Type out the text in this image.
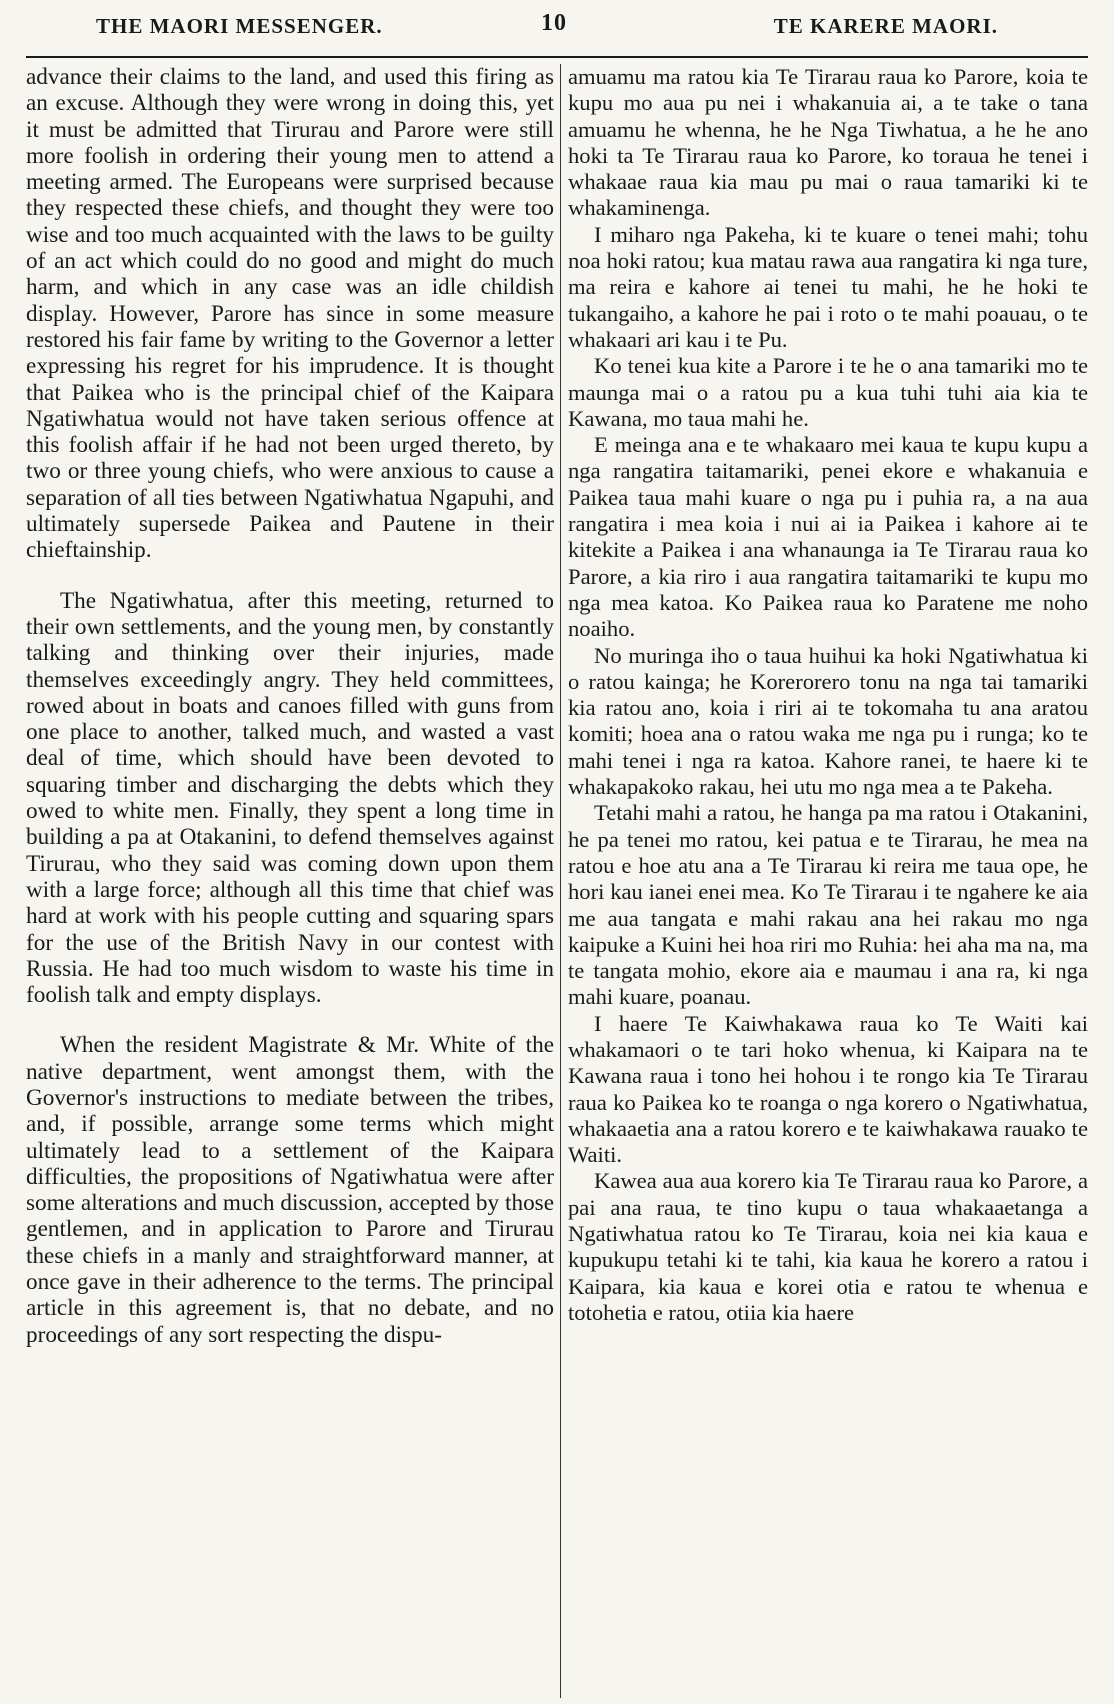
THE MAORI MESSENGER.	10	TE KARERE MAORI.

advance their claims to the land, and used this firing as an excuse. Although they were wrong in doing this, yet it must be admitted that Tirurau and Parore were still more foolish in ordering their young men to attend a meeting armed. The Europeans were surprised because they respected these chiefs, and thought they were too wise and too much acquainted with the laws to be guilty of an act which could do no good and might do much harm, and which in any case was an idle childish display. However, Parore has since in some measure restored his fair fame by writing to the Governor a letter expressing his regret for his imprudence. It is thought that Paikea who is the principal chief of the Kaipara Ngatiwhatua would not have taken serious offence at this foolish affair if he had not been urged thereto, by two or three young chiefs, who were anxious to cause a separation of all ties between Ngatiwhatua Ngapuhi, and ultimately supersede Paikea and Pautene in their chieftainship.

The Ngatiwhatua, after this meeting, returned to their own settlements, and the young men, by constantly talking and thinking over their injuries, made themselves exceedingly angry. They held committees, rowed about in boats and canoes filled with guns from one place to another, talked much, and wasted a vast deal of time, which should have been devoted to squaring timber and discharging the debts which they owed to white men. Finally, they spent a long time in building a pa at Otakanini, to defend themselves against Tirurau, who they said was coming down upon them with a large force; although all this time that chief was hard at work with his people cutting and squaring spars for the use of the British Navy in our contest with Russia. He had too much wisdom to waste his time in foolish talk and empty displays.

When the resident Magistrate & Mr. White of the native department, went amongst them, with the Governor's instructions to mediate between the tribes, and, if possible, arrange some terms which might ultimately lead to a settlement of the Kaipara difficulties, the propositions of Ngatiwhatua were after some alterations and much discussion, accepted by those gentlemen, and in application to Parore and Tirurau these chiefs in a manly and straightforward manner, at once gave in their adherence to the terms. The principal article in this agreement is, that no debate, and no proceedings of any sort respecting the dispu-

amuamu ma ratou kia Te Tirarau raua ko Parore, koia te kupu mo aua pu nei i whakanuia ai, a te take o tana amuamu he whenna, he he Nga Tiwhatua, a he he ano hoki ta Te Tirarau raua ko Parore, ko toraua he tenei i whakaae raua kia mau pu mai o raua tamariki ki te whakaminenga.

I miharo nga Pakeha, ki te kuare o tenei mahi; tohu noa hoki ratou; kua matau rawa aua rangatira ki nga ture, ma reira e kahore ai tenei tu mahi, he he hoki te tukangaiho, a kahore he pai i roto o te mahi poauau, o te whakaari ari kau i te Pu.

Ko tenei kua kite a Parore i te he o ana tamariki mo te maunga mai o a ratou pu a kua tuhi tuhi aia kia te Kawana, mo taua mahi he.

E meinga ana e te whakaaro mei kaua te kupu kupu a nga rangatira taitamariki, penei ekore e whakanuia e Paikea taua mahi kuare o nga pu i puhia ra, a na aua rangatira i mea koia i nui ai ia Paikea i kahore ai te kitekite a Paikea i ana whanaunga ia Te Tirarau raua ko Parore, a kia riro i aua rangatira taitamariki te kupu mo nga mea katoa. Ko Paikea raua ko Paratene me noho noaiho.

No muringa iho o taua huihui ka hoki Ngatiwhatua ki o ratou kainga; he Korerorero tonu na nga tai tamariki kia ratou ano, koia i riri ai te tokomaha tu ana aratou komiti; hoea ana o ratou waka me nga pu i runga; ko te mahi tenei i nga ra katoa. Kahore ranei, te haere ki te whakapakoko rakau, hei utu mo nga mea a te Pakeha.

Tetahi mahi a ratou, he hanga pa ma ratou i Otakanini, he pa tenei mo ratou, kei patua e te Tirarau, he mea na ratou e hoe atu ana a Te Tirarau ki reira me taua ope, he hori kau ianei enei mea. Ko Te Tirarau i te ngahere ke aia me aua tangata e mahi rakau ana hei rakau mo nga kaipuke a Kuini hei hoa riri mo Ruhia: hei aha ma na, ma te tangata mohio, ekore aia e maumau i ana ra, ki nga mahi kuare, poanau.

I haere Te Kaiwhakawa raua ko Te Waiti kai whakamaori o te tari hoko whenua, ki Kaipara na te Kawana raua i tono hei hohou i te rongo kia Te Tirarau raua ko Paikea ko te roanga o nga korero o Ngatiwhatua, whakaaetia ana a ratou korero e te kaiwhakawa rauako te Waiti.

Kawea aua aua korero kia Te Tirarau raua ko Parore, a pai ana raua, te tino kupu o taua whakaaetanga a Ngatiwhatua ratou ko Te Tirarau, koia nei kia kaua e kupukupu tetahi ki te tahi, kia kaua he korero a ratou i Kaipara, kia kaua e korei otia e ratou te whenua e totohetia e ratou, otiia kia haere
